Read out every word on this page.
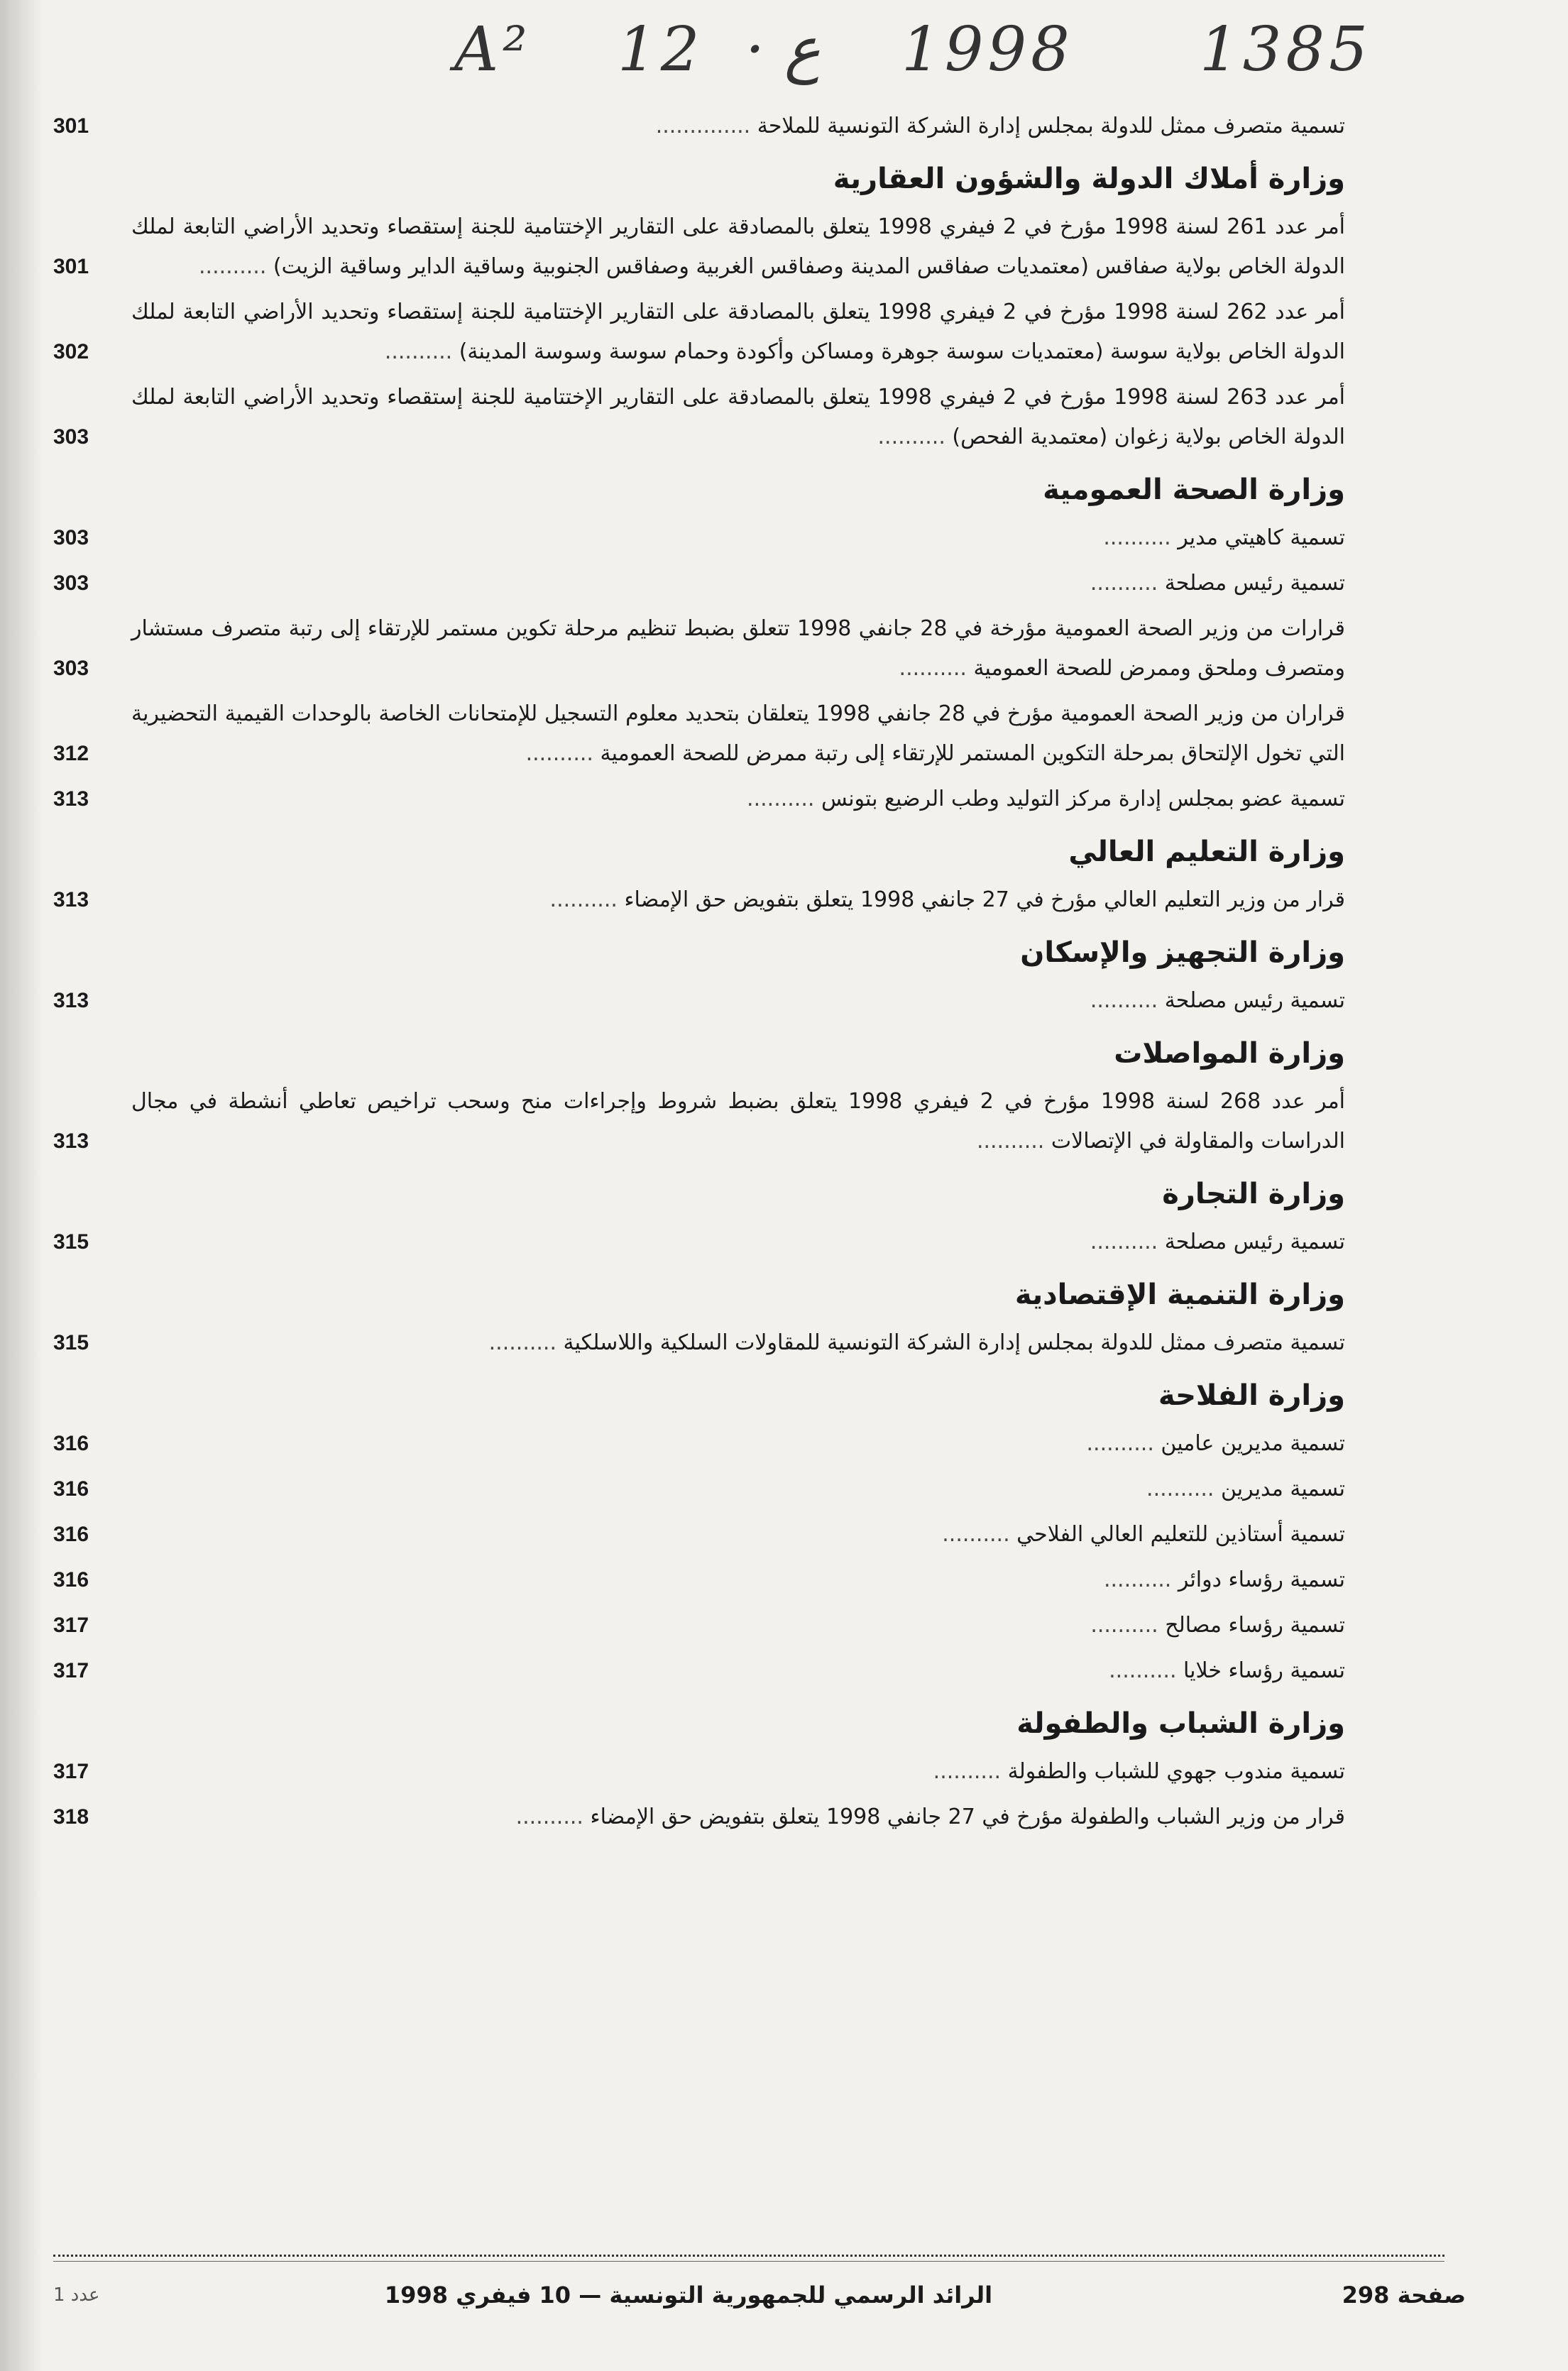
A² 12 · ع 1998 1385
تسمية متصرف ممثل للدولة بمجلس إدارة الشركة التونسية للملاحة ..............
301
وزارة أملاك الدولة والشؤون العقارية
أمر عدد 261 لسنة 1998 مؤرخ في 2 فيفري 1998 يتعلق بالمصادقة على التقارير الإختتامية للجنة إستقصاء وتحديد الأراضي التابعة لملك الدولة الخاص بولاية صفاقس (معتمديات صفاقس المدينة وصفاقس الغربية وصفاقس الجنوبية وساقية الداير وساقية الزيت) ..........
301
أمر عدد 262 لسنة 1998 مؤرخ في 2 فيفري 1998 يتعلق بالمصادقة على التقارير الإختتامية للجنة إستقصاء وتحديد الأراضي التابعة لملك الدولة الخاص بولاية سوسة (معتمديات سوسة جوهرة ومساكن وأكودة وحمام سوسة وسوسة المدينة) ..........
302
أمر عدد 263 لسنة 1998 مؤرخ في 2 فيفري 1998 يتعلق بالمصادقة على التقارير الإختتامية للجنة إستقصاء وتحديد الأراضي التابعة لملك الدولة الخاص بولاية زغوان (معتمدية الفحص) ..........
303
وزارة الصحة العمومية
تسمية كاهيتي مدير ..........
303
تسمية رئيس مصلحة ..........
303
قرارات من وزير الصحة العمومية مؤرخة في 28 جانفي 1998 تتعلق بضبط تنظيم مرحلة تكوين مستمر للإرتقاء إلى رتبة متصرف مستشار ومتصرف وملحق وممرض للصحة العمومية ..........
303
قراران من وزير الصحة العمومية مؤرخ في 28 جانفي 1998 يتعلقان بتحديد معلوم التسجيل للإمتحانات الخاصة بالوحدات القيمية التحضيرية التي تخول الإلتحاق بمرحلة التكوين المستمر للإرتقاء إلى رتبة ممرض للصحة العمومية ..........
312
تسمية عضو بمجلس إدارة مركز التوليد وطب الرضيع بتونس ..........
313
وزارة التعليم العالي
قرار من وزير التعليم العالي مؤرخ في 27 جانفي 1998 يتعلق بتفويض حق الإمضاء ..........
313
وزارة التجهيز والإسكان
تسمية رئيس مصلحة ..........
313
وزارة المواصلات
أمر عدد 268 لسنة 1998 مؤرخ في 2 فيفري 1998 يتعلق بضبط شروط وإجراءات منح وسحب تراخيص تعاطي أنشطة في مجال الدراسات والمقاولة في الإتصالات ..........
313
وزارة التجارة
تسمية رئيس مصلحة ..........
315
وزارة التنمية الإقتصادية
تسمية متصرف ممثل للدولة بمجلس إدارة الشركة التونسية للمقاولات السلكية واللاسلكية ..........
315
وزارة الفلاحة
تسمية مديرين عامين ..........
316
تسمية مديرين ..........
316
تسمية أستاذين للتعليم العالي الفلاحي ..........
316
تسمية رؤساء دوائر ..........
316
تسمية رؤساء مصالح ..........
317
تسمية رؤساء خلايا ..........
317
وزارة الشباب والطفولة
تسمية مندوب جهوي للشباب والطفولة ..........
317
قرار من وزير الشباب والطفولة مؤرخ في 27 جانفي 1998 يتعلق بتفويض حق الإمضاء ..........
318
صفحة 298
الرائد الرسمي للجمهورية التونسية — 10 فيفري 1998
عدد 1
